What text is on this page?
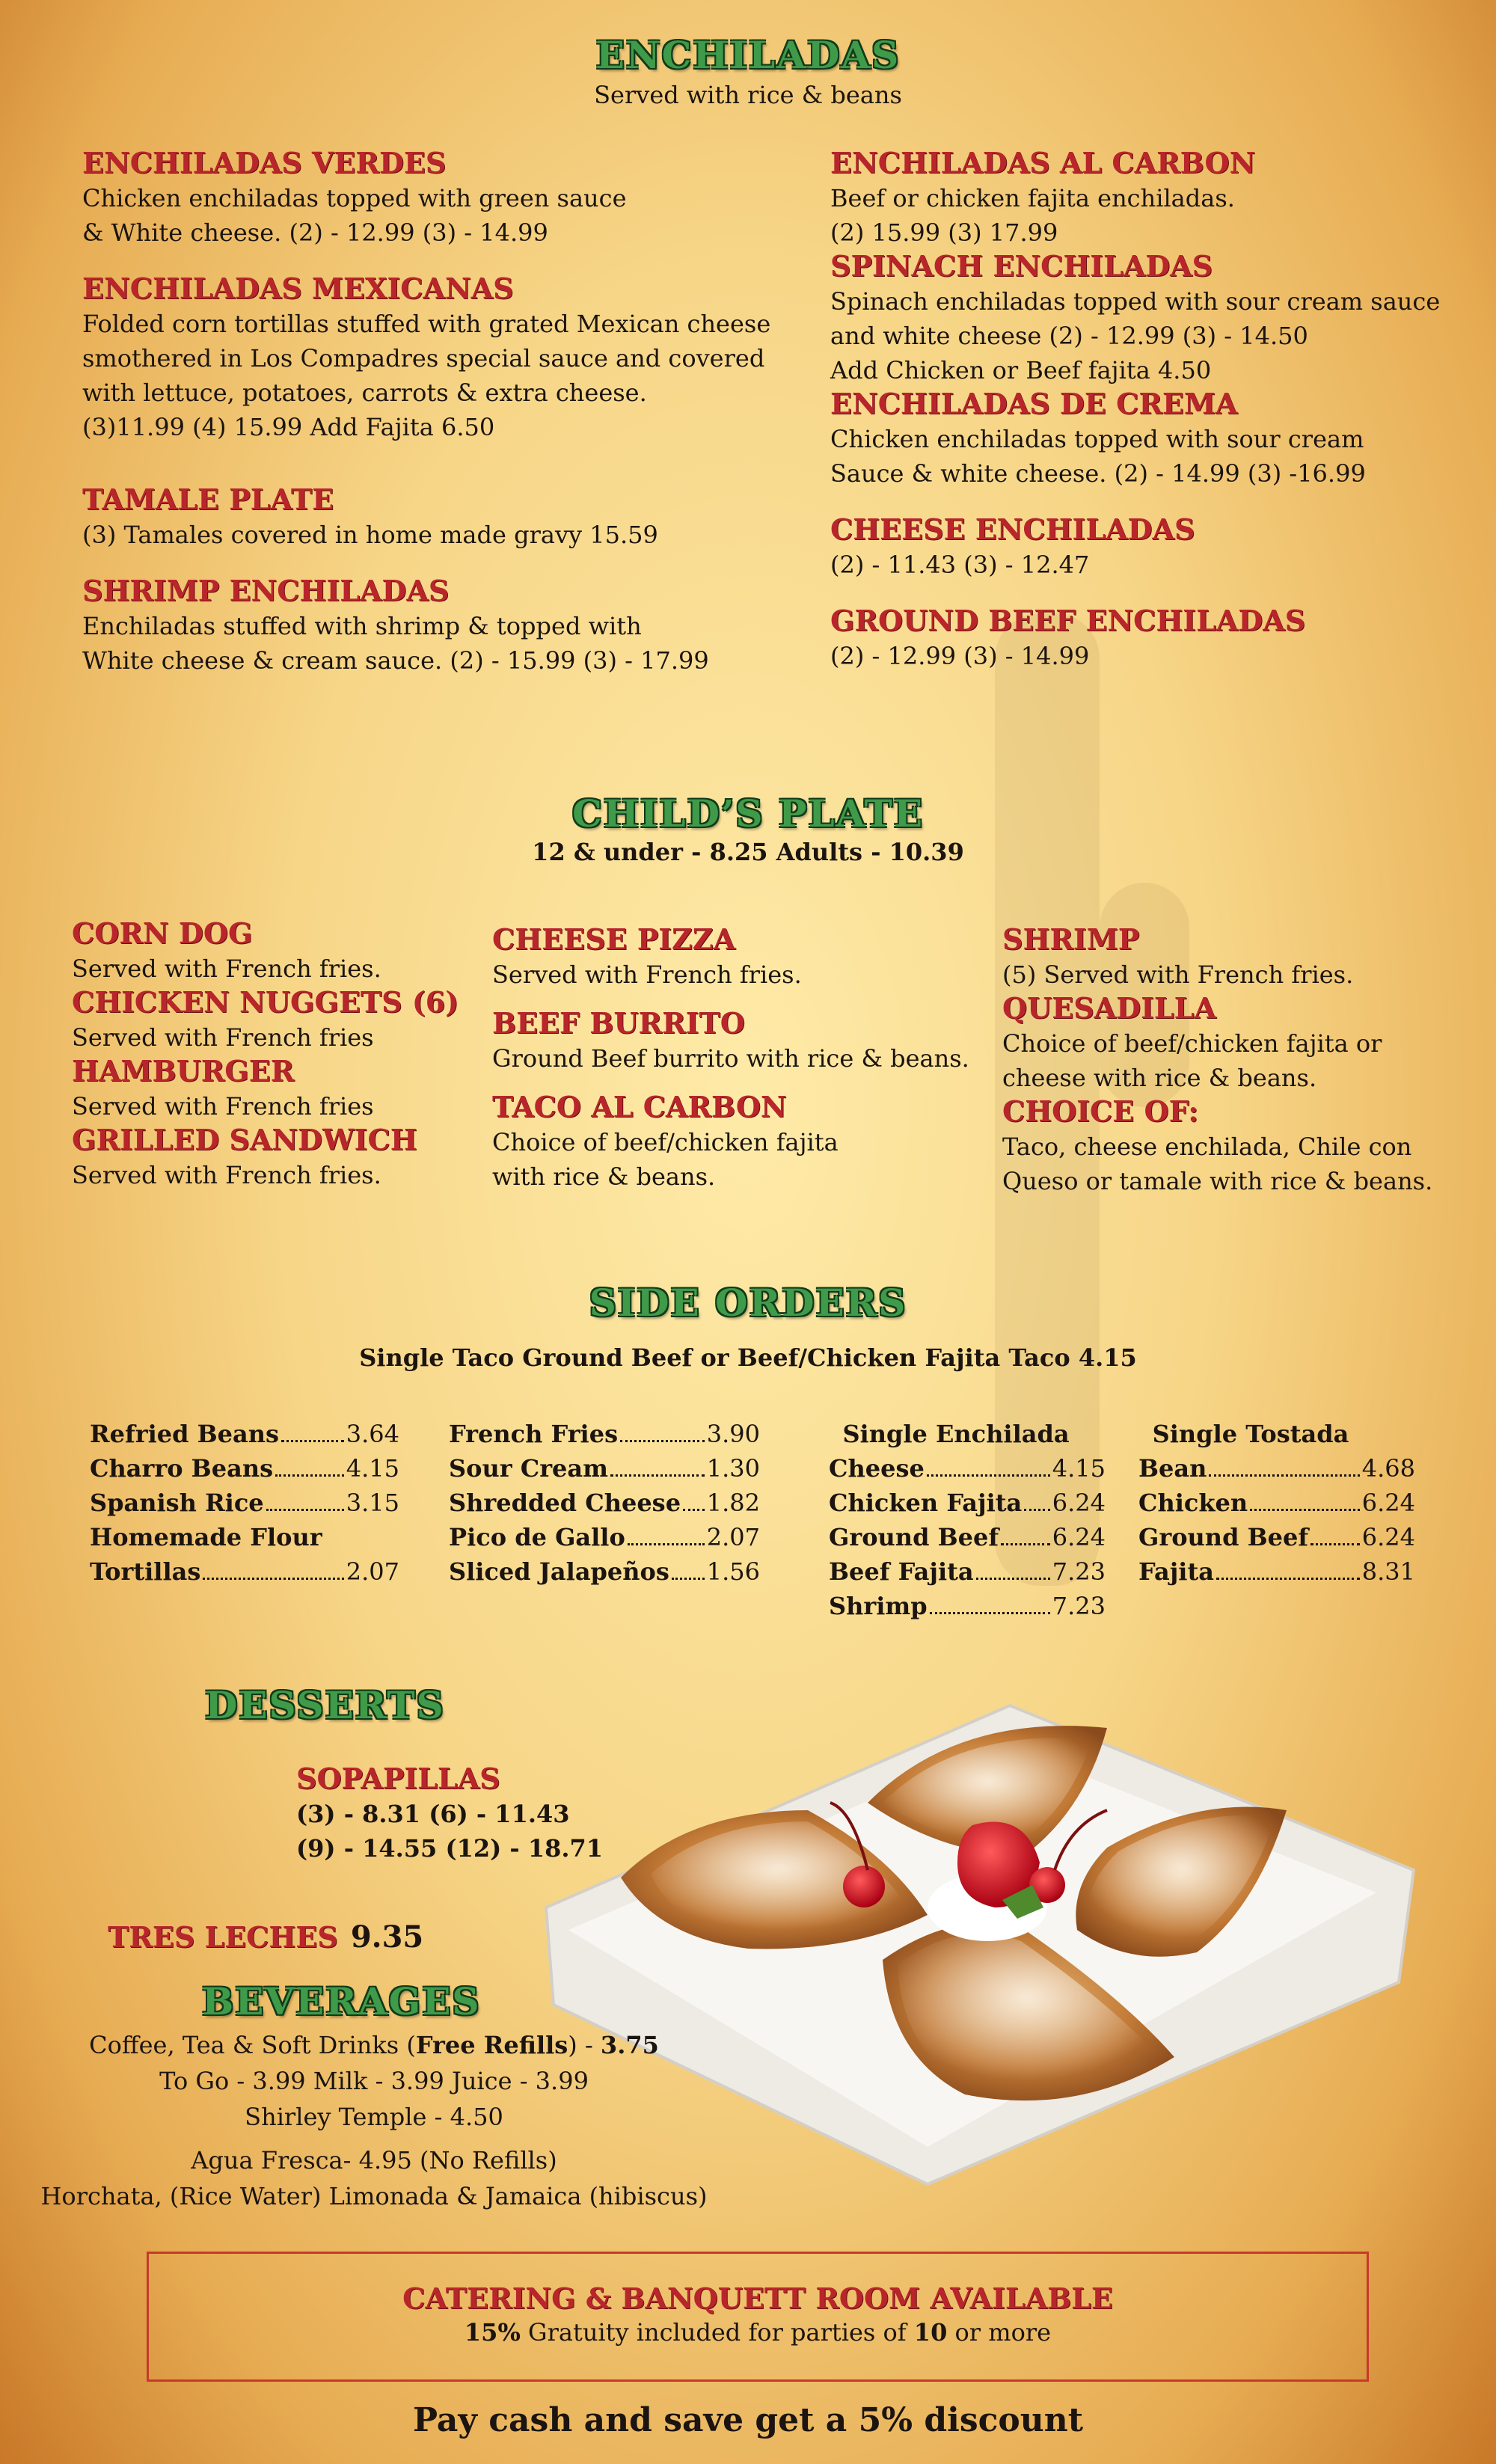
ENCHILADAS
Served with rice & beans
ENCHILADAS VERDES
Chicken enchiladas topped with green sauce
& White cheese. (2) - 12.99 (3) - 14.99
ENCHILADAS MEXICANAS
Folded corn tortillas stuffed with grated Mexican cheese
smothered in Los Compadres special sauce and covered
with lettuce, potatoes, carrots & extra cheese.
(3)11.99 (4) 15.99 Add Fajita 6.50
TAMALE PLATE
(3) Tamales covered in home made gravy 15.59
SHRIMP ENCHILADAS
Enchiladas stuffed with shrimp & topped with
White cheese & cream sauce. (2) - 15.99 (3) - 17.99
ENCHILADAS AL CARBON
Beef or chicken fajita enchiladas.
(2) 15.99 (3) 17.99
SPINACH ENCHILADAS
Spinach enchiladas topped with sour cream sauce
and white cheese (2) - 12.99 (3) - 14.50
Add Chicken or Beef fajita 4.50
ENCHILADAS DE CREMA
Chicken enchiladas topped with sour cream
Sauce & white cheese. (2) - 14.99 (3) -16.99
CHEESE ENCHILADAS
(2) - 11.43 (3) - 12.47
GROUND BEEF ENCHILADAS
(2) - 12.99 (3) - 14.99
CHILD’S PLATE
12 & under - 8.25 Adults - 10.39
CORN DOG
Served with French fries.
CHICKEN NUGGETS (6)
Served with French fries
HAMBURGER
Served with French fries
GRILLED SANDWICH
Served with French fries.
CHEESE PIZZA
Served with French fries.
BEEF BURRITO
Ground Beef burrito with rice & beans.
TACO AL CARBON
Choice of beef/chicken fajita
with rice & beans.
SHRIMP
(5) Served with French fries.
QUESADILLA
Choice of beef/chicken fajita or
cheese with rice & beans.
CHOICE OF:
Taco, cheese enchilada, Chile con
Queso or tamale with rice & beans.
SIDE ORDERS
Single Taco Ground Beef or Beef/Chicken Fajita Taco 4.15
Refried Beans	3.64
Charro Beans	4.15
Spanish Rice	3.15
Homemade Flour
Tortillas	2.07
French Fries	3.90
Sour Cream	1.30
Shredded Cheese 1.82
Pico de Gallo	2.07
Sliced Jalapeños 1.56
Single Enchilada
Cheese	4.15
Chicken Fajita 6.24
Ground Beef 6.24
Beef Fajita	7.23
Shrimp	7.23
Single Tostada
Bean	4.68
Chicken	6.24
Ground Beef 6.24
Fajita	8.31
DESSERTS
SOPAPILLAS
(3) - 8.31 (6) - 11.43
(9) - 14.55 (12) - 18.71
TRES LECHES 9.35
BEVERAGES
Coffee, Tea & Soft Drinks (Free Refills) - 3.75
To Go - 3.99 Milk - 3.99 Juice - 3.99
Shirley Temple - 4.50
Agua Fresca- 4.95 (No Refills)
Horchata, (Rice Water) Limonada & Jamaica (hibiscus)
CATERING & BANQUETT ROOM AVAILABLE
15% Gratuity included for parties of 10 or more
Pay cash and save get a 5% discount
